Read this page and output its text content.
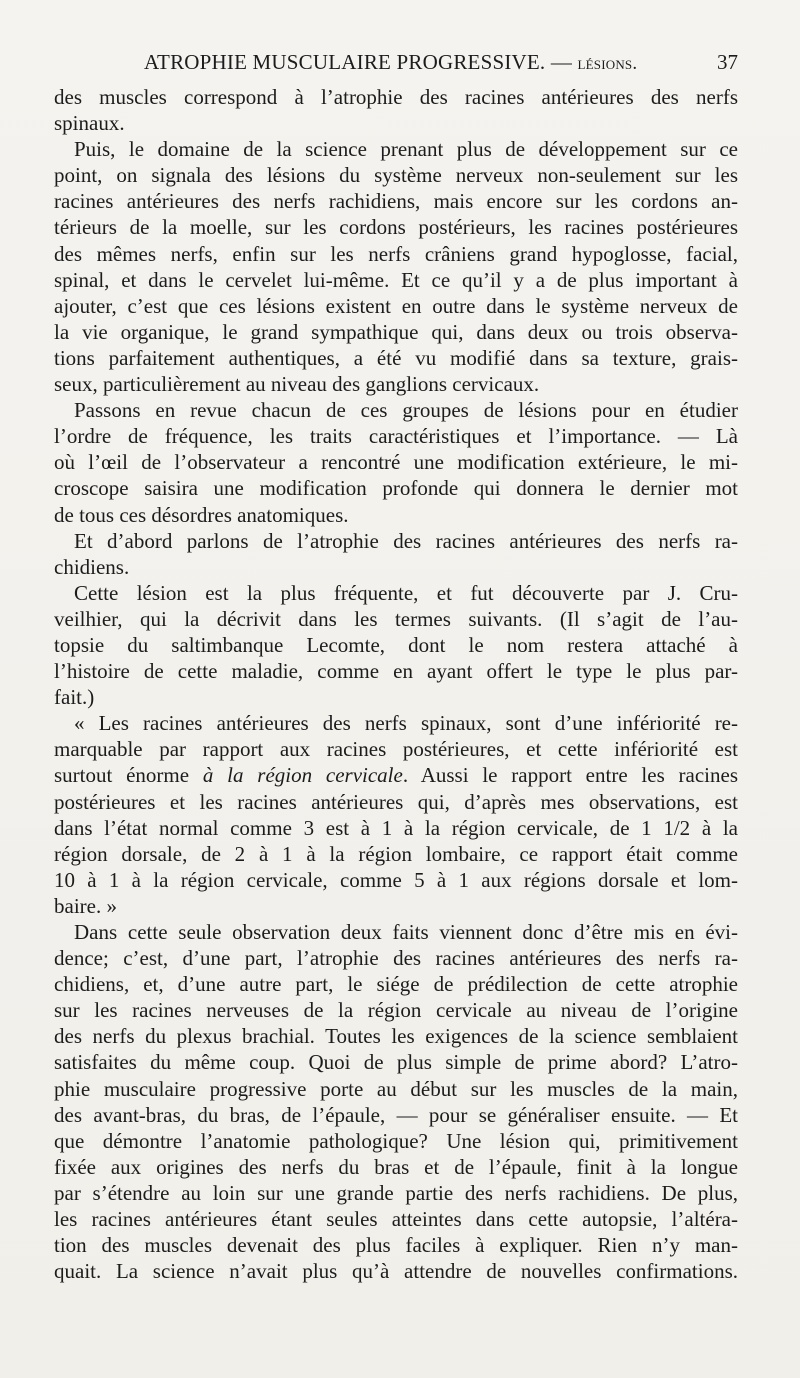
ATROPHIE MUSCULAIRE PROGRESSIVE. — lésions.	37
des muscles correspond à l’atrophie des racines antérieures des nerfs
spinaux.
Puis, le domaine de la science prenant plus de développement sur ce
point, on signala des lésions du système nerveux non-seulement sur les
racines antérieures des nerfs rachidiens, mais encore sur les cordons an-
térieurs de la moelle, sur les cordons postérieurs, les racines postérieures
des mêmes nerfs, enfin sur les nerfs crâniens grand hypoglosse, facial,
spinal, et dans le cervelet lui-même. Et ce qu’il y a de plus important à
ajouter, c’est que ces lésions existent en outre dans le système nerveux de
la vie organique, le grand sympathique qui, dans deux ou trois observa-
tions parfaitement authentiques, a été vu modifié dans sa texture, grais-
seux, particulièrement au niveau des ganglions cervicaux.
Passons en revue chacun de ces groupes de lésions pour en étudier
l’ordre de fréquence, les traits caractéristiques et l’importance. — Là
où l’œil de l’observateur a rencontré une modification extérieure, le mi-
croscope saisira une modification profonde qui donnera le dernier mot
de tous ces désordres anatomiques.
Et d’abord parlons de l’atrophie des racines antérieures des nerfs ra-
chidiens.
Cette lésion est la plus fréquente, et fut découverte par J. Cru-
veilhier, qui la décrivit dans les termes suivants. (Il s’agit de l’au-
topsie du saltimbanque Lecomte, dont le nom restera attaché à
l’histoire de cette maladie, comme en ayant offert le type le plus par-
fait.)
« Les racines antérieures des nerfs spinaux, sont d’une infériorité re-
marquable par rapport aux racines postérieures, et cette infériorité est
surtout énorme à la région cervicale. Aussi le rapport entre les racines
postérieures et les racines antérieures qui, d’après mes observations, est
dans l’état normal comme 3 est à 1 à la région cervicale, de 1 1/2 à la
région dorsale, de 2 à 1 à la région lombaire, ce rapport était comme
10 à 1 à la région cervicale, comme 5 à 1 aux régions dorsale et lom-
baire. »
Dans cette seule observation deux faits viennent donc d’être mis en évi-
dence; c’est, d’une part, l’atrophie des racines antérieures des nerfs ra-
chidiens, et, d’une autre part, le siége de prédilection de cette atrophie
sur les racines nerveuses de la région cervicale au niveau de l’origine
des nerfs du plexus brachial. Toutes les exigences de la science semblaient
satisfaites du même coup. Quoi de plus simple de prime abord? L’atro-
phie musculaire progressive porte au début sur les muscles de la main,
des avant-bras, du bras, de l’épaule, — pour se généraliser ensuite. — Et
que démontre l’anatomie pathologique? Une lésion qui, primitivement
fixée aux origines des nerfs du bras et de l’épaule, finit à la longue
par s’étendre au loin sur une grande partie des nerfs rachidiens. De plus,
les racines antérieures étant seules atteintes dans cette autopsie, l’altéra-
tion des muscles devenait des plus faciles à expliquer. Rien n’y man-
quait. La science n’avait plus qu’à attendre de nouvelles confirmations.
